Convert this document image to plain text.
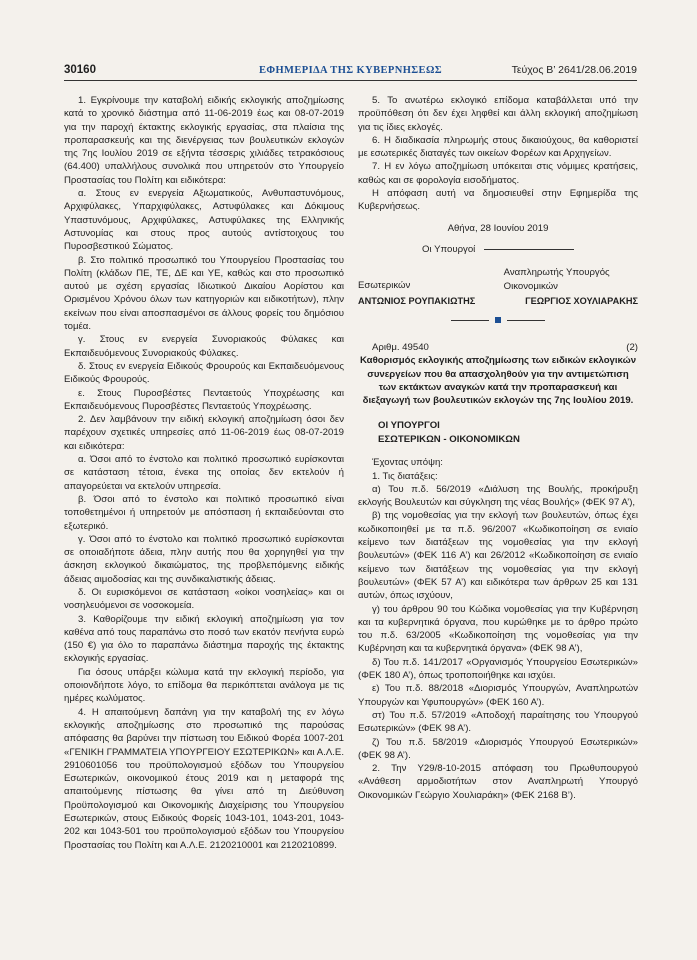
30160	ΕΦΗΜΕΡΙΔΑ ΤΗΣ ΚΥΒΕΡΝΗΣΕΩΣ	Τεύχος Β’ 2641/28.06.2019

1. Εγκρίνουμε την καταβολή ειδικής εκλογικής αποζημίωσης κατά το χρονικό διάστημα από 11-06-2019 έως και 08-07-2019 για την παροχή έκτακτης εκλογικής εργασίας, στα πλαίσια της προπαρασκευής και της διενέργειας των βουλευτικών εκλογών της 7ης Ιουλίου 2019 σε εξήντα τέσσερις χιλιάδες τετρακόσιους (64.400) υπαλλήλους συνολικά που υπηρετούν στο Υπουργείο Προστασίας του Πολίτη και ειδικότερα:

α. Στους εν ενεργεία Αξιωματικούς, Ανθυπαστυνόμους, Αρχιφύλακες, Υπαρχιφύλακες, Αστυφύλακες και Δόκιμους Υπαστυνόμους, Αρχιφύλακες, Αστυφύλακες της Ελληνικής Αστυνομίας και στους προς αυτούς αντίστοιχους του Πυροσβεστικού Σώματος.

β. Στο πολιτικό προσωπικό του Υπουργείου Προστασίας του Πολίτη (κλάδων ΠΕ, ΤΕ, ΔΕ και ΥΕ, καθώς και στο προσωπικό αυτού με σχέση εργασίας Ιδιωτικού Δικαίου Αορίστου και Ορισμένου Χρόνου όλων των κατηγοριών και ειδικοτήτων), πλην εκείνων που είναι αποσπασμένοι σε άλλους φορείς του δημόσιου τομέα.

γ. Στους εν ενεργεία Συνοριακούς Φύλακες και Εκπαιδευόμενους Συνοριακούς Φύλακες.

δ. Στους εν ενεργεία Ειδικούς Φρουρούς και Εκπαιδευόμενους Ειδικούς Φρουρούς.

ε. Στους Πυροσβέστες Πενταετούς Υποχρέωσης και Εκπαιδευόμενους Πυροσβέστες Πενταετούς Υποχρέωσης.

2. Δεν λαμβάνουν την ειδική εκλογική αποζημίωση όσοι δεν παρέχουν σχετικές υπηρεσίες από 11-06-2019 έως 08-07-2019 και ειδικότερα:

α. Όσοι από το ένστολο και πολιτικό προσωπικό ευρίσκονται σε κατάσταση τέτοια, ένεκα της οποίας δεν εκτελούν ή απαγορεύεται να εκτελούν υπηρεσία.

β. Όσοι από το ένστολο και πολιτικό προσωπικό είναι τοποθετημένοι ή υπηρετούν με απόσπαση ή εκπαιδεύονται στο εξωτερικό.

γ. Όσοι από το ένστολο και πολιτικό προσωπικό ευρίσκονται σε οποιαδήποτε άδεια, πλην αυτής που θα χορηγηθεί για την άσκηση εκλογικού δικαιώματος, της προβλεπόμενης ειδικής άδειας αιμοδοσίας και της συνδικαλιστικής άδειας.

δ. Οι ευρισκόμενοι σε κατάσταση «οίκοι νοσηλείας» και οι νοσηλευόμενοι σε νοσοκομεία.

3. Καθορίζουμε την ειδική εκλογική αποζημίωση για τον καθένα από τους παραπάνω στο ποσό των εκατόν πενήντα ευρώ (150 €) για όλο το παραπάνω διάστημα παροχής της έκτακτης εκλογικής εργασίας.

Για όσους υπάρξει κώλυμα κατά την εκλογική περίοδο, για οποιονδήποτε λόγο, το επίδομα θα περικόπτεται ανάλογα με τις ημέρες κωλύματος.

4. Η απαιτούμενη δαπάνη για την καταβολή της εν λόγω εκλογικής αποζημίωσης στο προσωπικό της παρούσας απόφασης θα βαρύνει την πίστωση του Ειδικού Φορέα 1007-201 «ΓΕΝΙΚΗ ΓΡΑΜΜΑΤΕΙΑ ΥΠΟΥΡΓΕΙΟΥ ΕΣΩΤΕΡΙΚΩΝ» και Α.Λ.Ε. 2910601056 του προϋπολογισμού εξόδων του Υπουργείου Εσωτερικών, οικονομικού έτους 2019 και η μεταφορά της απαιτούμενης πίστωσης θα γίνει από τη Διεύθυνση Προϋπολογισμού και Οικονομικής Διαχείρισης του Υπουργείου Εσωτερικών, στους Ειδικούς Φορείς 1043-101, 1043-201, 1043-202 και 1043-501 του προϋπολογισμού εξόδων του Υπουργείου Προστασίας του Πολίτη και Α.Λ.Ε. 2120210001 και 2120210899.

5. Το ανωτέρω εκλογικό επίδομα καταβάλλεται υπό την προϋπόθεση ότι δεν έχει ληφθεί και άλλη εκλογική αποζημίωση για τις ίδιες εκλογές.

6. Η διαδικασία πληρωμής στους δικαιούχους, θα καθοριστεί με εσωτερικές διαταγές των οικείων Φορέων και Αρχηγείων.

7. Η εν λόγω αποζημίωση υπόκειται στις νόμιμες κρατήσεις, καθώς και σε φορολογία εισοδήματος.

Η απόφαση αυτή να δημοσιευθεί στην Εφημερίδα της Κυβερνήσεως.

Αθήνα, 28 Ιουνίου 2019

Οι Υπουργοί

Εσωτερικών
Αναπληρωτής Υπουργός Οικονομικών
ΑΝΤΩΝΙΟΣ ΡΟΥΠΑΚΙΩΤΗΣ	ΓΕΩΡΓΙΟΣ ΧΟΥΛΙΑΡΑΚΗΣ
Αριθμ. 49540	(2)

Καθορισμός εκλογικής αποζημίωσης των ειδικών εκλογικών συνεργείων που θα απασχοληθούν για την αντιμετώπιση των εκτάκτων αναγκών κατά την προπαρασκευή και διεξαγωγή των βουλευτικών εκλογών της 7ης Ιουλίου 2019.

ΟΙ ΥΠΟΥΡΓΟΙ
ΕΣΩΤΕΡΙΚΩΝ - ΟΙΚΟΝΟΜΙΚΩΝ

Έχοντας υπόψη:

1. Τις διατάξεις:

α) Του π.δ. 56/2019 «Διάλυση της Βουλής, προκήρυξη εκλογής Βουλευτών και σύγκληση της νέας Βουλής» (ΦΕΚ 97 Α’),

β) της νομοθεσίας για την εκλογή των βουλευτών, όπως έχει κωδικοποιηθεί με τα π.δ. 96/2007 «Κωδικοποίηση σε ενιαίο κείμενο των διατάξεων της νομοθεσίας για την εκλογή βουλευτών» (ΦΕΚ 116 Α’) και 26/2012 «Κωδικοποίηση σε ενιαίο κείμενο των διατάξεων της νομοθεσίας για την εκλογή βουλευτών» (ΦΕΚ 57 Α’) και ειδικότερα των άρθρων 25 και 131 αυτών, όπως ισχύουν,

γ) του άρθρου 90 του Κώδικα νομοθεσίας για την Κυβέρνηση και τα κυβερνητικά όργανα, που κυρώθηκε με το άρθρο πρώτο του π.δ. 63/2005 «Κωδικοποίηση της νομοθεσίας για την Κυβέρνηση και τα κυβερνητικά όργανα» (ΦΕΚ 98 Α’),

δ) Του π.δ. 141/2017 «Οργανισμός Υπουργείου Εσωτερικών» (ΦΕΚ 180 Α’), όπως τροποποιήθηκε και ισχύει.

ε) Του π.δ. 88/2018 «Διορισμός Υπουργών, Αναπληρωτών Υπουργών και Υφυπουργών» (ΦΕΚ 160 Α’).

στ) Του π.δ. 57/2019 «Αποδοχή παραίτησης του Υπουργού Εσωτερικών» (ΦΕΚ 98 Α’).

ζ) Του π.δ. 58/2019 «Διορισμός Υπουργού Εσωτερικών» (ΦΕΚ 98 Α’).

2. Την Υ29/8-10-2015 απόφαση του Πρωθυπουργού «Ανάθεση αρμοδιοτήτων στον Αναπληρωτή Υπουργό Οικονομικών Γεώργιο Χουλιαράκη» (ΦΕΚ 2168 Β’).
